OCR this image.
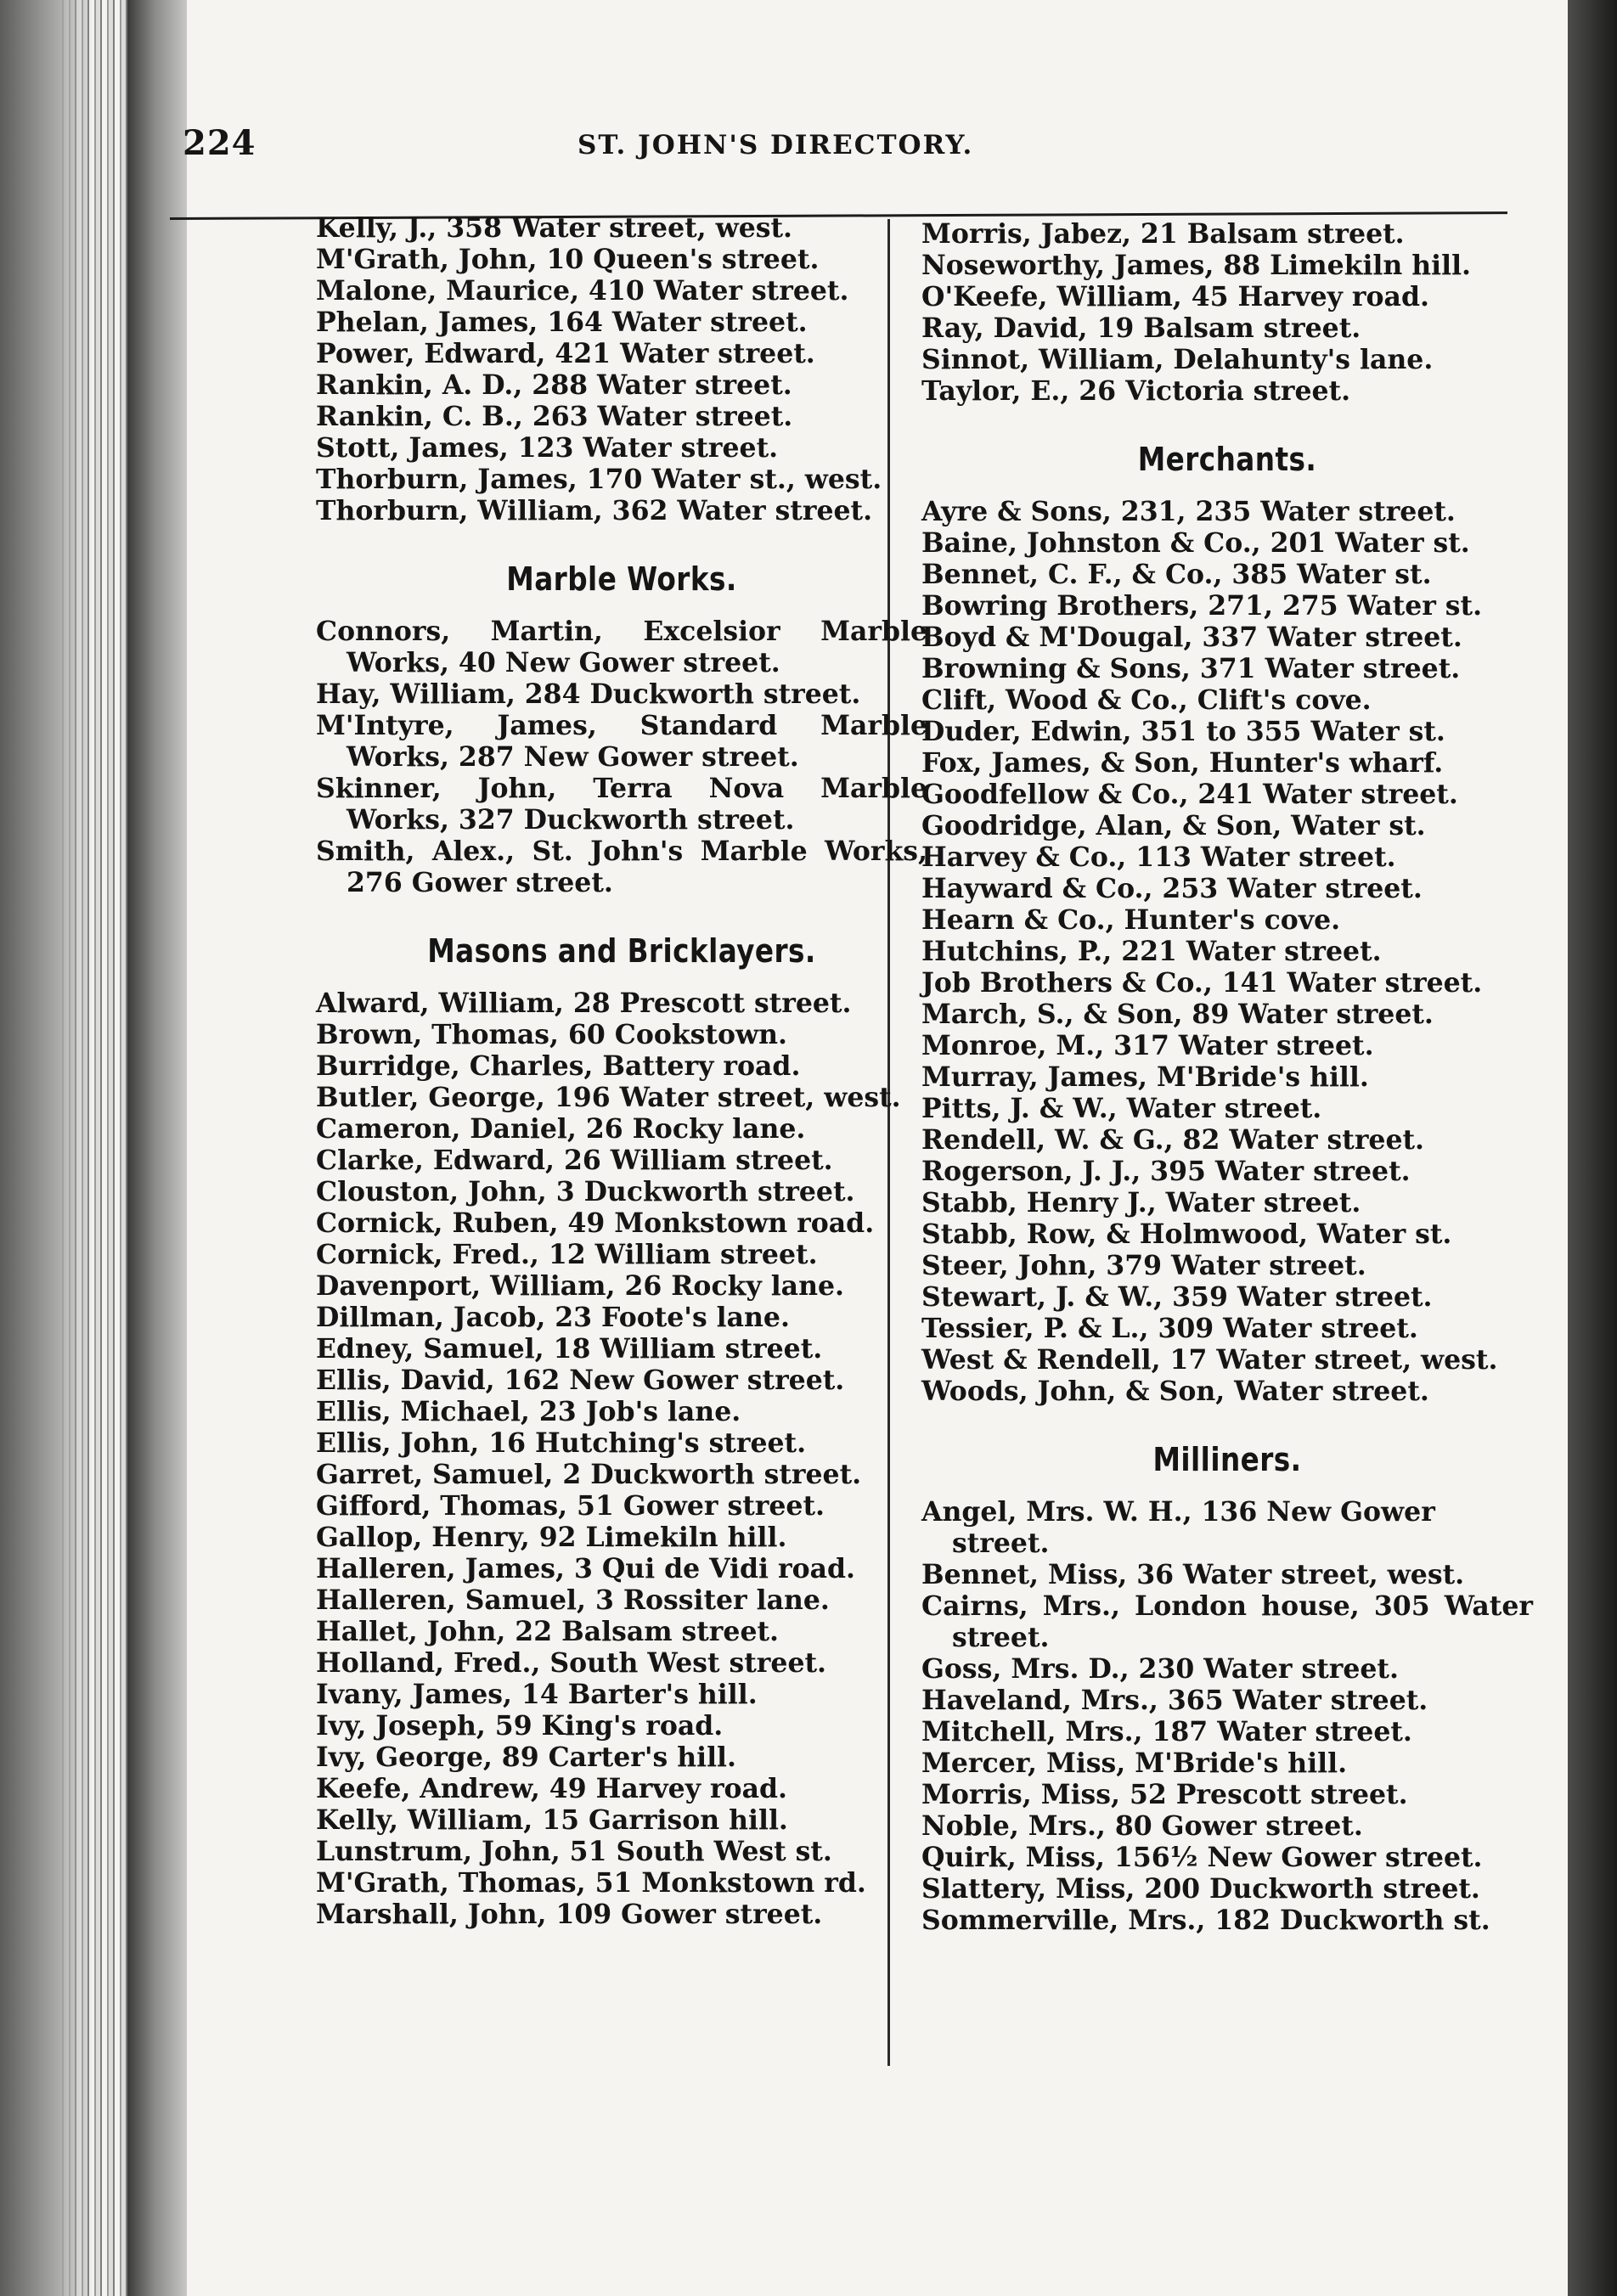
224	ST. JOHN'S DIRECTORY.

Kelly, J., 358 Water street, west.

M'Grath, John, 10 Queen's street.

Malone, Maurice, 410 Water street.

Phelan, James, 164 Water street.

Power, Edward, 421 Water street.

Rankin, A. D., 288 Water street.

Rankin, C. B., 263 Water street.

Stott, James, 123 Water street.

Thorburn, James, 170 Water st., west.

Thorburn, William, 362 Water street.

Marble Works.

Connors, Martin, Excelsior Marble Works, 40 New Gower street.

Hay, William, 284 Duckworth street.

M'Intyre, James, Standard Marble Works, 287 New Gower street.

Skinner, John, Terra Nova Marble Works, 327 Duckworth street.

Smith, Alex., St. John's Marble Works, 276 Gower street.

Masons and Bricklayers.

Alward, William, 28 Prescott street.

Brown, Thomas, 60 Cookstown.

Burridge, Charles, Battery road.

Butler, George, 196 Water street, west.

Cameron, Daniel, 26 Rocky lane.

Clarke, Edward, 26 William street.

Clouston, John, 3 Duckworth street.

Cornick, Ruben, 49 Monkstown road.

Cornick, Fred., 12 William street.

Davenport, William, 26 Rocky lane.

Dillman, Jacob, 23 Foote's lane.

Edney, Samuel, 18 William street.

Ellis, David, 162 New Gower street.

Ellis, Michael, 23 Job's lane.

Ellis, John, 16 Hutching's street.

Garret, Samuel, 2 Duckworth street.

Gifford, Thomas, 51 Gower street.

Gallop, Henry, 92 Limekiln hill.

Halleren, James, 3 Qui de Vidi road.

Halleren, Samuel, 3 Rossiter lane.

Hallet, John, 22 Balsam street.

Holland, Fred., South West street.

Ivany, James, 14 Barter's hill.

Ivy, Joseph, 59 King's road.

Ivy, George, 89 Carter's hill.

Keefe, Andrew, 49 Harvey road.

Kelly, William, 15 Garrison hill.

Lunstrum, John, 51 South West st.

M'Grath, Thomas, 51 Monkstown rd.

Marshall, John, 109 Gower street.

Morris, Jabez, 21 Balsam street.

Noseworthy, James, 88 Limekiln hill.

O'Keefe, William, 45 Harvey road.

Ray, David, 19 Balsam street.

Sinnot, William, Delahunty's lane.

Taylor, E., 26 Victoria street.

Merchants.

Ayre & Sons, 231, 235 Water street.

Baine, Johnston & Co., 201 Water st.

Bennet, C. F., & Co., 385 Water st.

Bowring Brothers, 271, 275 Water st.

Boyd & M'Dougal, 337 Water street.

Browning & Sons, 371 Water street.

Clift, Wood & Co., Clift's cove.

Duder, Edwin, 351 to 355 Water st.

Fox, James, & Son, Hunter's wharf.

Goodfellow & Co., 241 Water street.

Goodridge, Alan, & Son, Water st.

Harvey & Co., 113 Water street.

Hayward & Co., 253 Water street.

Hearn & Co., Hunter's cove.

Hutchins, P., 221 Water street.

Job Brothers & Co., 141 Water street.

March, S., & Son, 89 Water street.

Monroe, M., 317 Water street.

Murray, James, M'Bride's hill.

Pitts, J. & W., Water street.

Rendell, W. & G., 82 Water street.

Rogerson, J. J., 395 Water street.

Stabb, Henry J., Water street.

Stabb, Row, & Holmwood, Water st.

Steer, John, 379 Water street.

Stewart, J. & W., 359 Water street.

Tessier, P. & L., 309 Water street.

West & Rendell, 17 Water street, west.

Woods, John, & Son, Water street.

Milliners.

Angel, Mrs. W. H., 136 New Gower street.

Bennet, Miss, 36 Water street, west.

Cairns, Mrs., London house, 305 Water street.

Goss, Mrs. D., 230 Water street.

Haveland, Mrs., 365 Water street.

Mitchell, Mrs., 187 Water street.

Mercer, Miss, M'Bride's hill.

Morris, Miss, 52 Prescott street.

Noble, Mrs., 80 Gower street.

Quirk, Miss, 156½ New Gower street.

Slattery, Miss, 200 Duckworth street.

Sommerville, Mrs., 182 Duckworth st.
